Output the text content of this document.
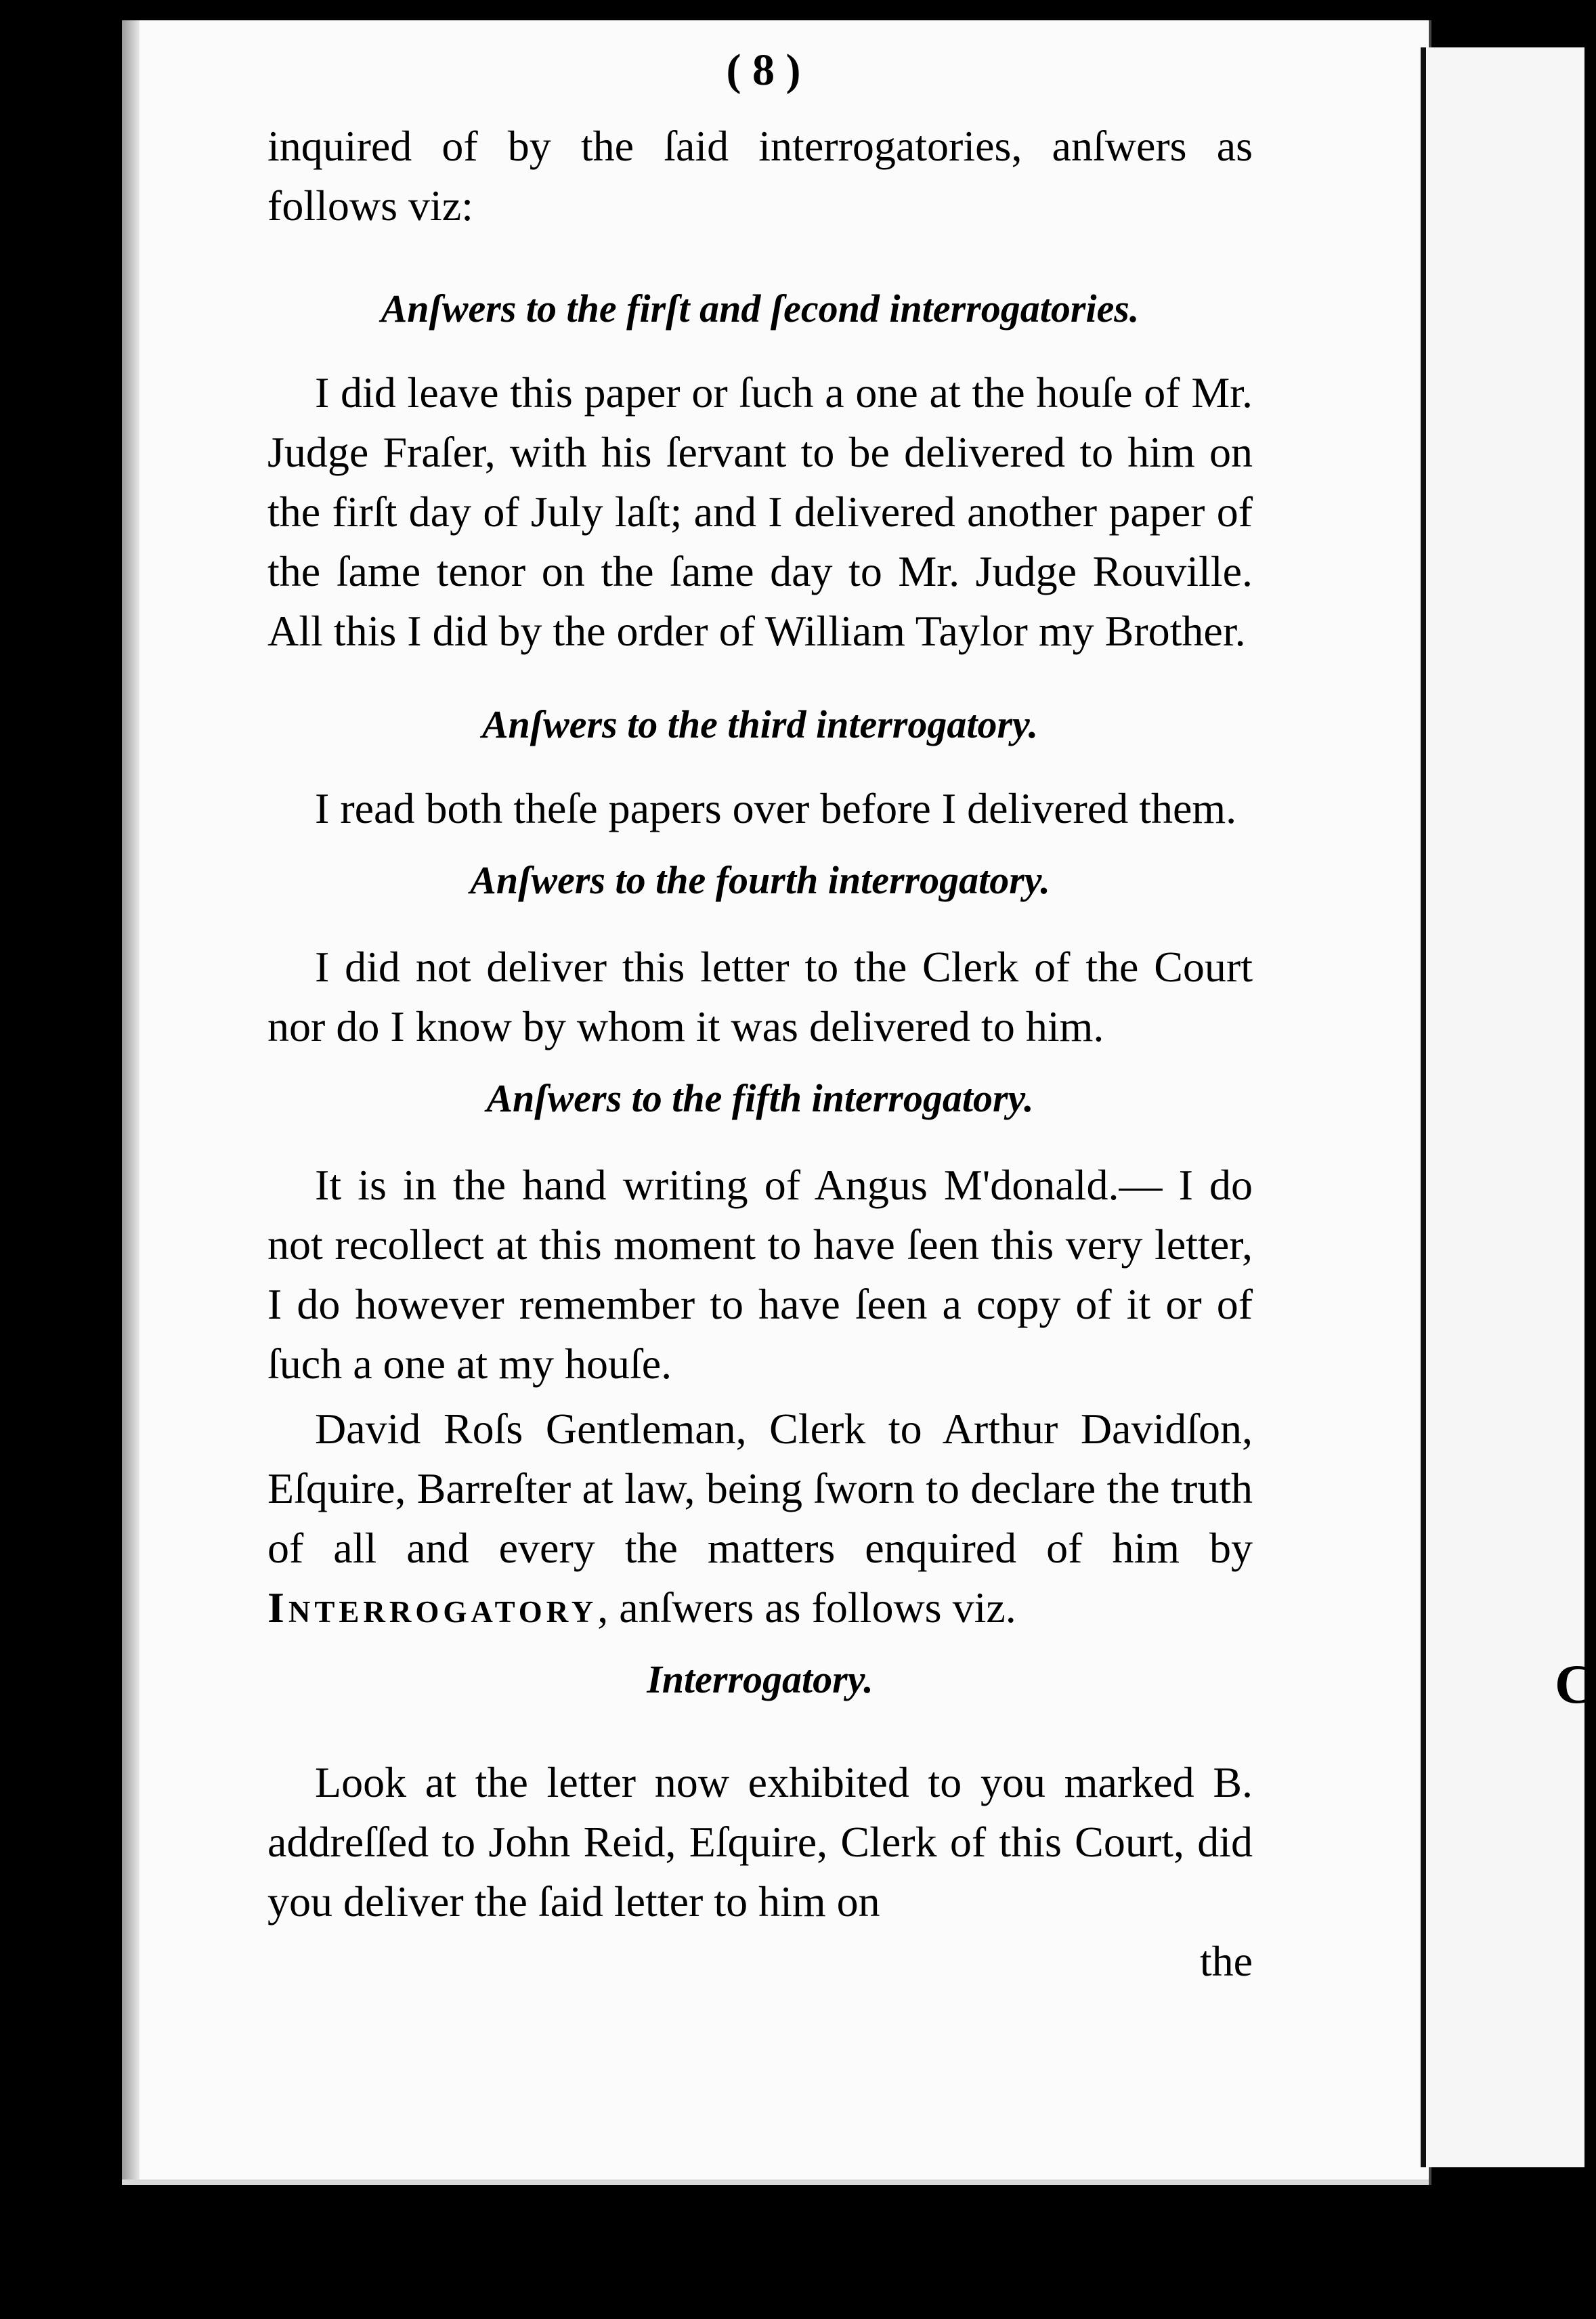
C
( 8 )
inquired of by the ſaid interrogatories, anſwers as
follows viz:
Anſwers to the firſt and ſecond interrogatories.

I did leave this paper or ſuch a one at the houſe of Mr. Judge Fraſer, with his ſervant to be delivered to him on the firſt day of July laſt; and I delivered another paper of the ſame tenor on the ſame day to Mr. Judge Rouville. All this I did by the order of William Taylor my Brother.

Anſwers to the third interrogatory.

I read both theſe papers over before I delivered them.

Anſwers to the fourth interrogatory.

I did not deliver this letter to the Clerk of the Court nor do I know by whom it was delivered to him.

Anſwers to the fifth interrogatory.

It is in the hand writing of Angus M'donald.— I do not recollect at this moment to have ſeen this very letter, I do however remember to have ſeen a copy of it or of ſuch a one at my houſe.

David Roſs Gentleman, Clerk to Arthur Davidſon, Eſquire, Barreſter at law, being ſworn to declare the truth of all and every the matters enquired of him by Interrogatory, anſwers as follows viz.

Interrogatory.

Look at the letter now exhibited to you marked B. addreſſed to John Reid, Eſquire, Clerk of this Court, did you deliver the ſaid letter to him on

the
